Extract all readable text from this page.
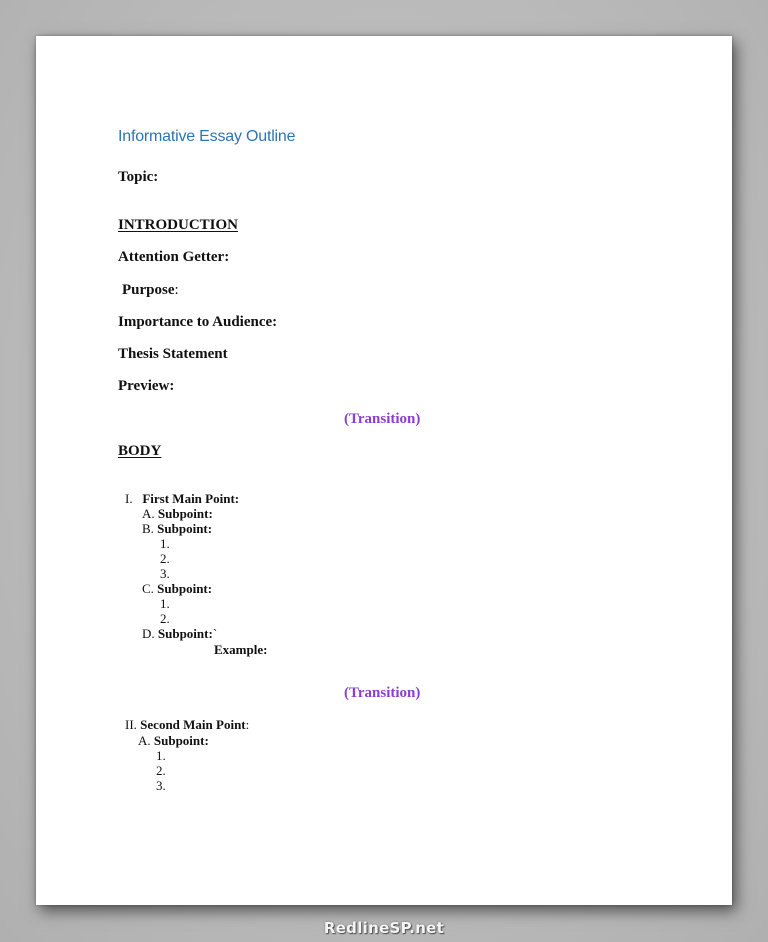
Informative Essay Outline
Topic:
INTRODUCTION
Attention Getter:
Purpose:
Importance to Audience:
Thesis Statement
Preview:
(Transition)
BODY
I. First Main Point:
A. Subpoint:
B. Subpoint:
1.
2.
3.
C. Subpoint:
1.
2.
D. Subpoint:`
Example:
(Transition)
II. Second Main Point:
A. Subpoint:
1.
2.
3.
RedlineSP.net
